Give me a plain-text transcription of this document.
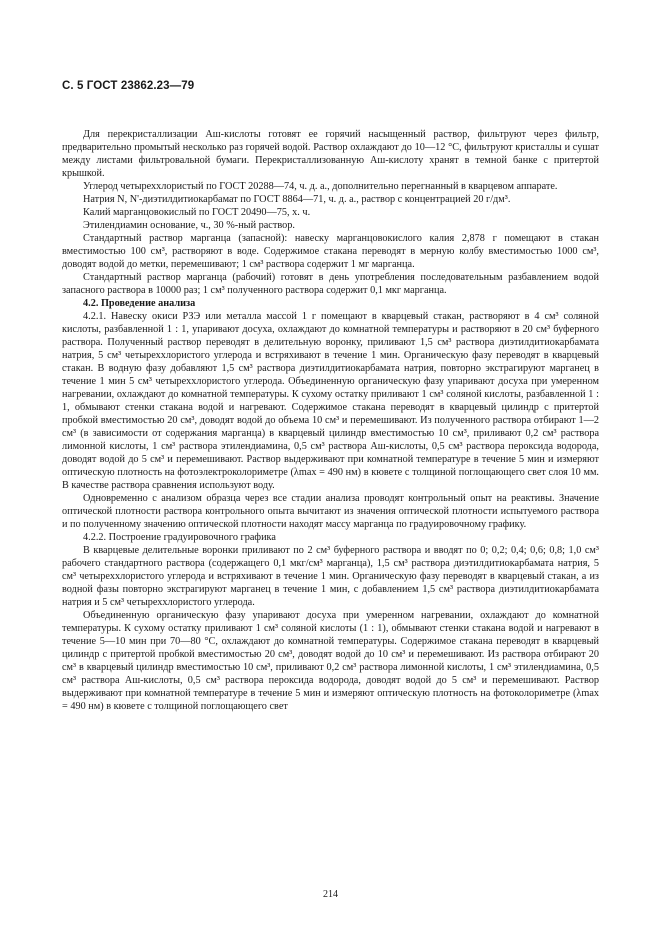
С. 5 ГОСТ 23862.23—79

Для перекристаллизации Аш-кислоты готовят ее горячий насыщенный раствор, фильтруют через фильтр, предварительно промытый несколько раз горячей водой. Раствор охлаждают до 10—12 °С, фильтруют кристаллы и сушат между листами фильтровальной бумаги. Перекристаллизованную Аш-кислоту хранят в темной банке с притертой крышкой.

Углерод четыреххлористый по ГОСТ 20288—74, ч. д. а., дополнительно перегнанный в кварцевом аппарате.

Натрия N, N'-диэтилдитиокарбамат по ГОСТ 8864—71, ч. д. а., раствор с концентрацией 20 г/дм³.

Калий марганцовокислый по ГОСТ 20490—75, х. ч.

Этилендиамин основание, ч., 30 %-ный раствор.

Стандартный раствор марганца (запасной): навеску марганцовокислого калия 2,878 г помещают в стакан вместимостью 100 см³, растворяют в воде. Содержимое стакана переводят в мерную колбу вместимостью 1000 см³, доводят водой до метки, перемешивают; 1 см³ раствора содержит 1 мг марганца.

Стандартный раствор марганца (рабочий) готовят в день употребления последовательным разбавлением водой запасного раствора в 10000 раз; 1 см³ полученного раствора содержит 0,1 мкг марганца.

4.2. Проведение анализа

4.2.1. Навеску окиси РЗЭ или металла массой 1 г помещают в кварцевый стакан, растворяют в 4 см³ соляной кислоты, разбавленной 1 : 1, упаривают досуха, охлаждают до комнатной температуры и растворяют в 20 см³ буферного раствора. Полученный раствор переводят в делительную воронку, приливают 1,5 см³ раствора диэтилдитиокарбамата натрия, 5 см³ четыреххлористого углерода и встряхивают в течение 1 мин. Органическую фазу переводят в кварцевый стакан. В водную фазу добавляют 1,5 см³ раствора диэтилдитиокарбамата натрия, повторно экстрагируют марганец в течение 1 мин 5 см³ четыреххлористого углерода. Объединенную органическую фазу упаривают досуха при умеренном нагревании, охлаждают до комнатной температуры. К сухому остатку приливают 1 см³ соляной кислоты, разбавленной 1 : 1, обмывают стенки стакана водой и нагревают. Содержимое стакана переводят в кварцевый цилиндр с притертой пробкой вместимостью 20 см³, доводят водой до объема 10 см³ и перемешивают. Из полученного раствора отбирают 1—2 см³ (в зависимости от содержания марганца) в кварцевый цилиндр вместимостью 10 см³, приливают 0,2 см³ раствора лимонной кислоты, 1 см³ раствора этилендиамина, 0,5 см³ раствора Аш-кислоты, 0,5 см³ раствора пероксида водорода, доводят водой до 5 см³ и перемешивают. Раствор выдерживают при комнатной температуре в течение 5 мин и измеряют оптическую плотность на фотоэлектроколориметре (λmax = 490 нм) в кювете с толщиной поглощающего свет слоя 10 мм. В качестве раствора сравнения используют воду.

Одновременно с анализом образца через все стадии анализа проводят контрольный опыт на реактивы. Значение оптической плотности раствора контрольного опыта вычитают из значения оптической плотности испытуемого раствора и по полученному значению оптической плотности находят массу марганца по градуировочному графику.

4.2.2. Построение градуировочного графика

В кварцевые делительные воронки приливают по 2 см³ буферного раствора и вводят по 0; 0,2; 0,4; 0,6; 0,8; 1,0 см³ рабочего стандартного раствора (содержащего 0,1 мкг/см³ марганца), 1,5 см³ раствора диэтилдитиокарбамата натрия, 5 см³ четыреххлористого углерода и встряхивают в течение 1 мин. Органическую фазу переводят в кварцевый стакан, а из водной фазы повторно экстрагируют марганец в течение 1 мин, с добавлением 1,5 см³ раствора диэтилдитиокарбамата натрия и 5 см³ четыреххлористого углерода.

Объединенную органическую фазу упаривают досуха при умеренном нагревании, охлаждают до комнатной температуры. К сухому остатку приливают 1 см³ соляной кислоты (1 : 1), обмывают стенки стакана водой и нагревают в течение 5—10 мин при 70—80 °С, охлаждают до комнатной температуры. Содержимое стакана переводят в кварцевый цилиндр с притертой пробкой вместимостью 20 см³, доводят водой до 10 см³ и перемешивают. Из раствора отбирают 20 см³ в кварцевый цилиндр вместимостью 10 см³, приливают 0,2 см³ раствора лимонной кислоты, 1 см³ этилендиамина, 0,5 см³ раствора Аш-кислоты, 0,5 см³ раствора пероксида водорода, доводят водой до 5 см³ и перемешивают. Раствор выдерживают при комнатной температуре в течение 5 мин и измеряют оптическую плотность на фотоколориметре (λmax = 490 нм) в кювете с толщиной поглощающего свет

214
